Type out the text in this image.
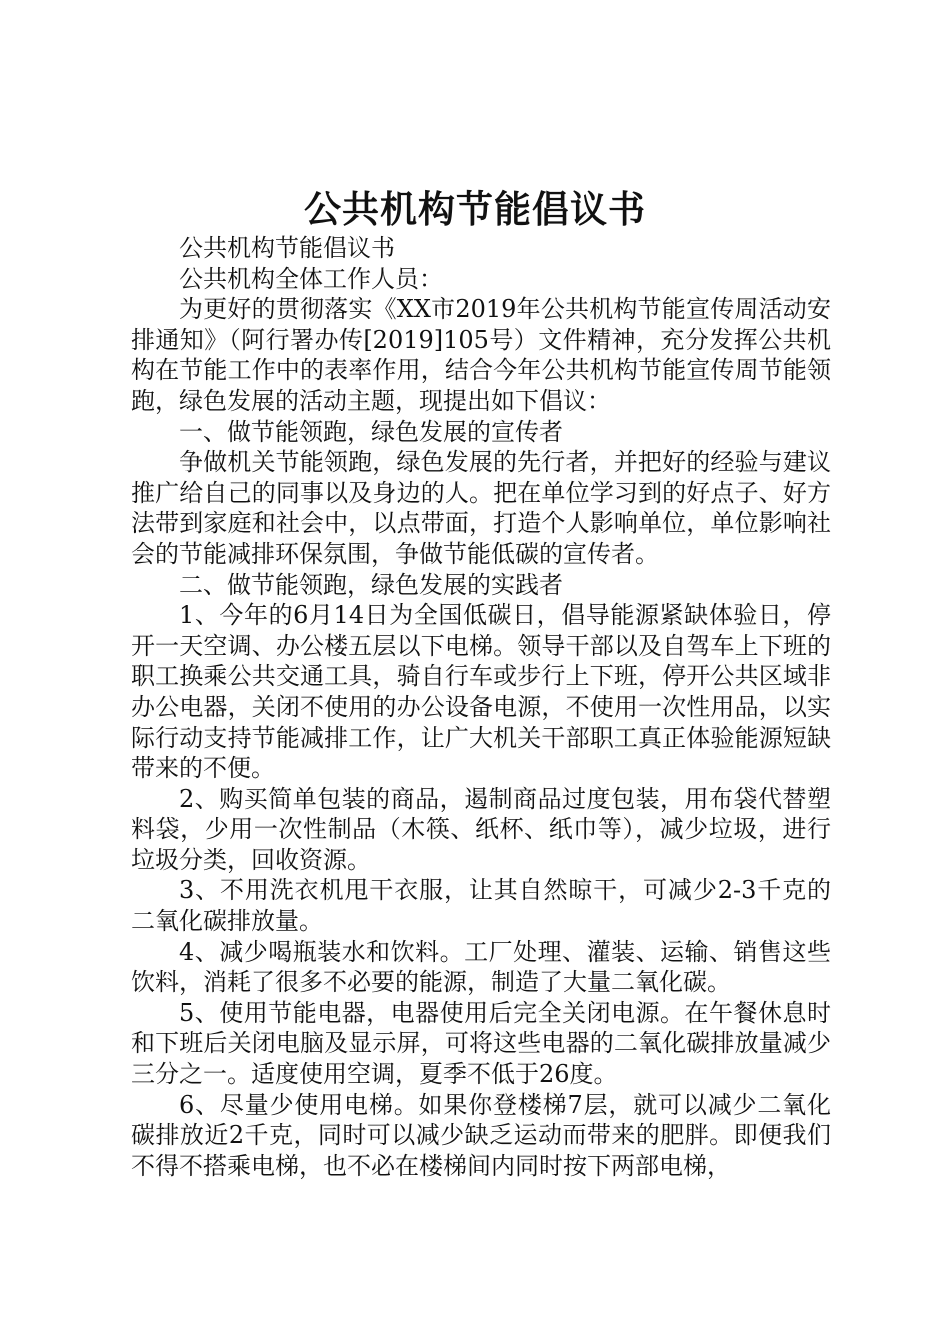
公共机构节能倡议书

公共机构节能倡议书

公共机构全体工作人员：

为更好的贯彻落实《XX市2019年公共机构节能宣传周活动安排通知》（阿行署办传[2019]105号）文件精神，充分发挥公共机构在节能工作中的表率作用，结合今年公共机构节能宣传周节能领跑，绿色发展的活动主题，现提出如下倡议：

一、做节能领跑，绿色发展的宣传者

争做机关节能领跑，绿色发展的先行者，并把好的经验与建议推广给自己的同事以及身边的人。把在单位学习到的好点子、好方法带到家庭和社会中，以点带面，打造个人影响单位，单位影响社会的节能减排环保氛围，争做节能低碳的宣传者。

二、做节能领跑，绿色发展的实践者

1、今年的6月14日为全国低碳日，倡导能源紧缺体验日，停开一天空调、办公楼五层以下电梯。领导干部以及自驾车上下班的职工换乘公共交通工具，骑自行车或步行上下班，停开公共区域非办公电器，关闭不使用的办公设备电源，不使用一次性用品，以实际行动支持节能减排工作，让广大机关干部职工真正体验能源短缺带来的不便。

2、购买简单包装的商品，遏制商品过度包装，用布袋代替塑料袋，少用一次性制品（木筷、纸杯、纸巾等），减少垃圾，进行垃圾分类，回收资源。

3、不用洗衣机甩干衣服，让其自然晾干，可减少2-3千克的二氧化碳排放量。

4、减少喝瓶装水和饮料。工厂处理、灌装、运输、销售这些饮料，消耗了很多不必要的能源，制造了大量二氧化碳。

5、使用节能电器，电器使用后完全关闭电源。在午餐休息时和下班后关闭电脑及显示屏，可将这些电器的二氧化碳排放量减少三分之一。适度使用空调，夏季不低于26度。

6、尽量少使用电梯。如果你登楼梯7层，就可以减少二氧化碳排放近2千克，同时可以减少缺乏运动而带来的肥胖。即便我们不得不搭乘电梯，也不必在楼梯间内同时按下两部电梯，
